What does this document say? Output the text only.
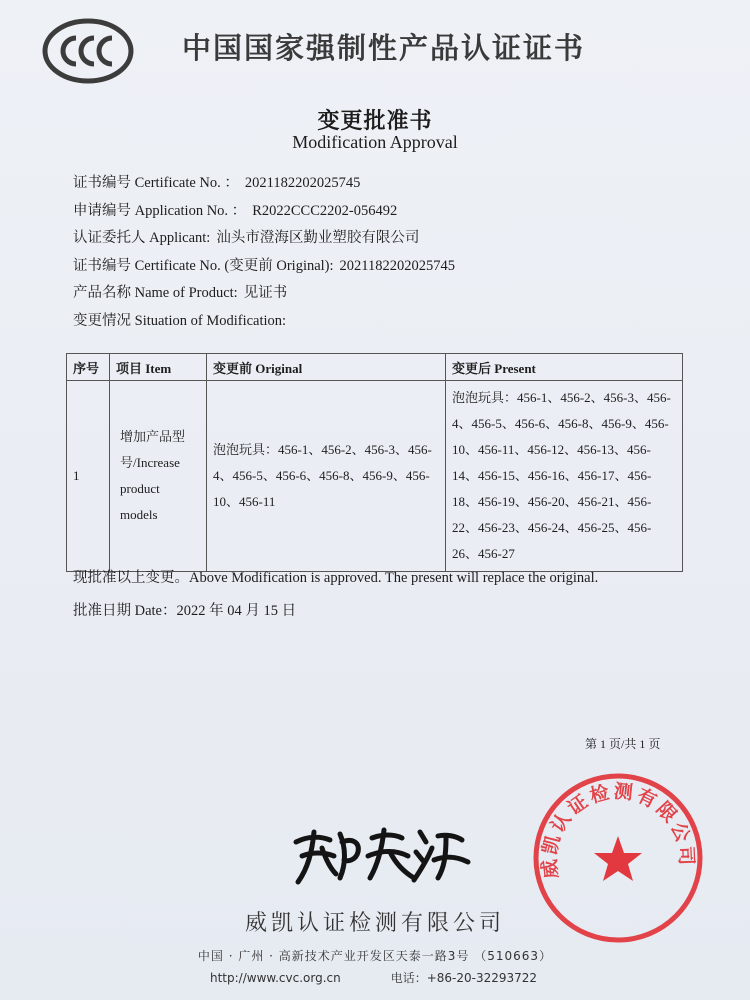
中国国家强制性产品认证证书
变更批准书
Modification Approval
证书编号 Certificate No. ： 2021182202025745
申请编号 Application No. ： R2022CCC2202-056492
认证委托人 Applicant: 汕头市澄海区勤业塑胶有限公司
证书编号 Certificate No. (变更前 Original): 2021182202025745
产品名称 Name of Product: 见证书
变更情况 Situation of Modification:
序号	项目 Item	变更前 Original	变更后 Present
1	增加产品型号/Increase product models	泡泡玩具：456-1、456-2、456-3、456-4、456-5、456-6、456-8、456-9、456-10、456-11	泡泡玩具：456-1、456-2、456-3、456-4、456-5、456-6、456-8、456-9、456-10、456-11、456-12、456-13、456-14、456-15、456-16、456-17、456-18、456-19、456-20、456-21、456-22、456-23、456-24、456-25、456-26、456-27
现批准以上变更。Above Modification is approved. The present will replace the original.
批准日期 Date：2022 年 04 月 15 日
第 1 页/共 1 页
威凯认证检测有限公司
威凯认证检测有限公司
中国 · 广州 · 高新技术产业开发区天泰一路3号 （510663）
http://www.cvc.org.cn	电话：+86-20-32293722
